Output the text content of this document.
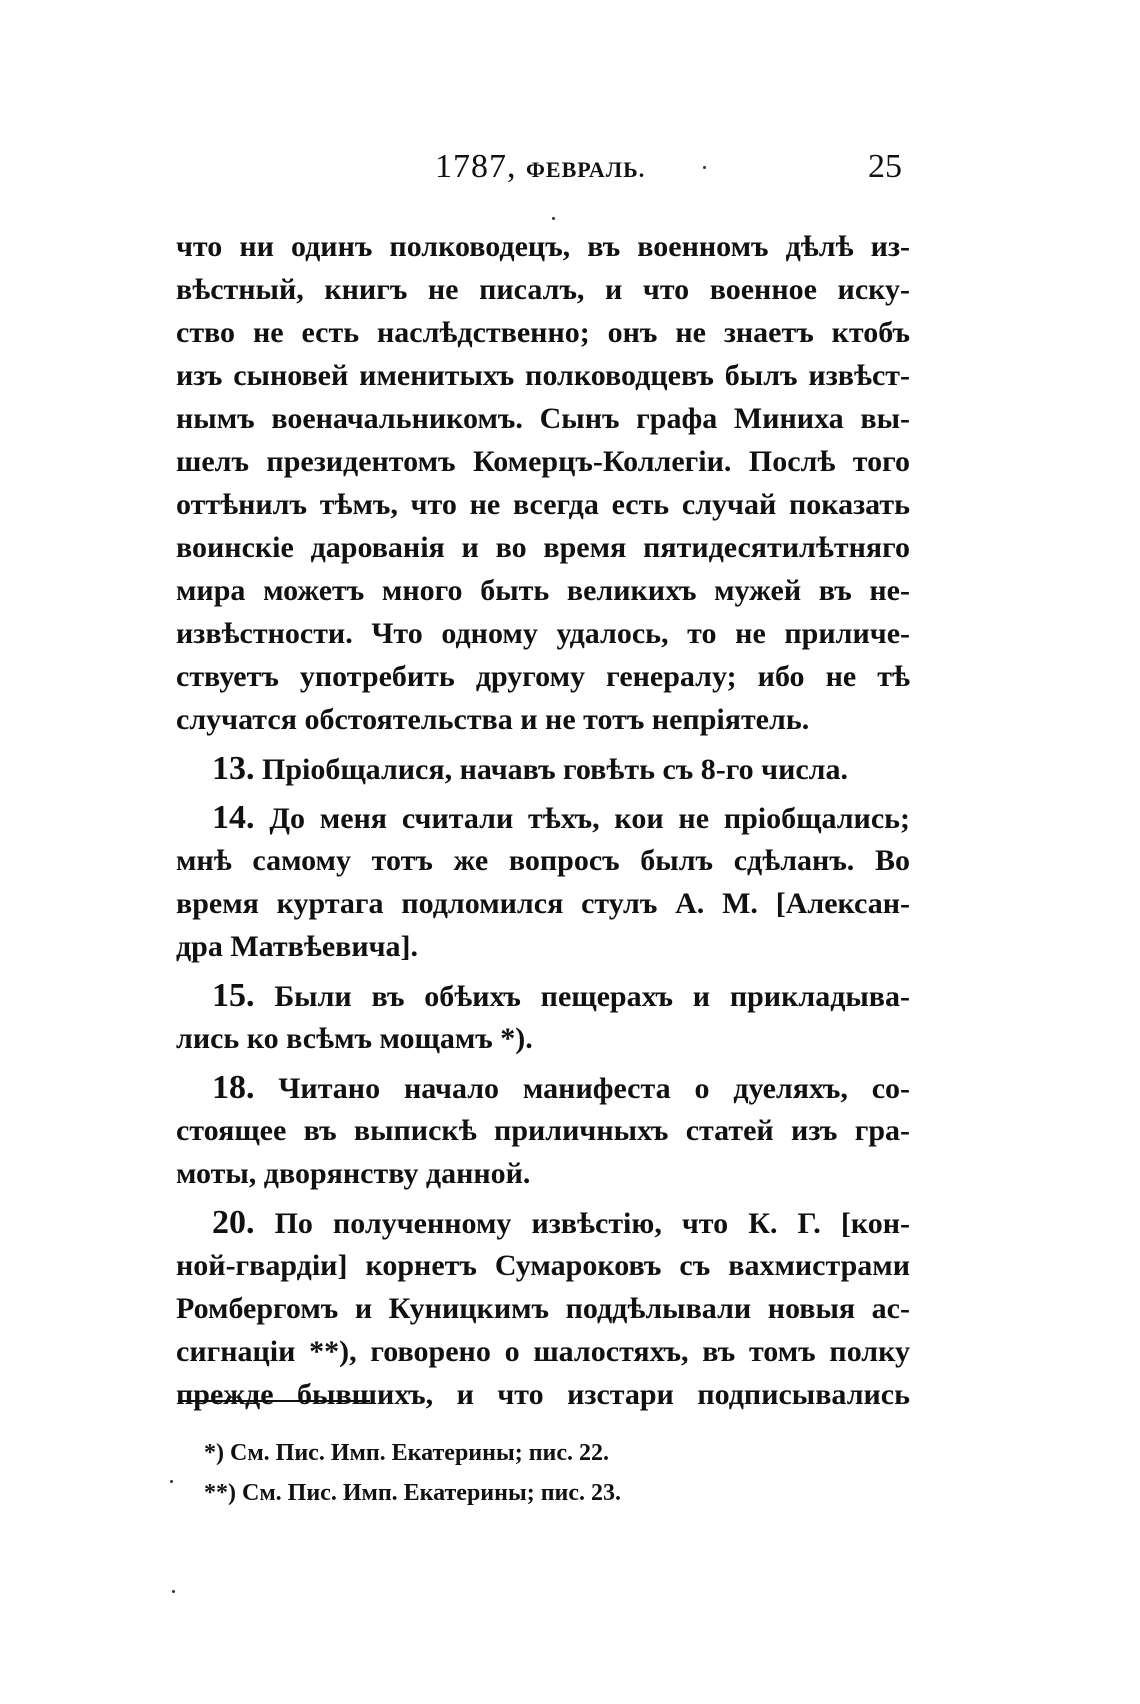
1787, ФЕВРАЛЬ.	25
что ни одинъ полководецъ, въ военномъ дѣлѣ из-
вѣстный, книгъ не писалъ, и что военное иску-
ство не есть наслѣдственно; онъ не знаетъ ктобъ
изъ сыновей именитыхъ полководцевъ былъ извѣст-
нымъ военачальникомъ. Сынъ графа Миниха вы-
шелъ президентомъ Комерцъ-Коллегіи. Послѣ того
оттѣнилъ тѣмъ, что не всегда есть случай показать
воинскіе дарованія и во время пятидесятилѣтняго
мира можетъ много быть великихъ мужей въ не-
извѣстности. Что одному удалось, то не приличе-
ствуетъ употребить другому генералу; ибо не тѣ
случатся обстоятельства и не тотъ непріятель.
13. Пріобщалися, начавъ говѣть съ 8-го числа.
14. До меня считали тѣхъ, кои не пріобщались;
мнѣ самому тотъ же вопросъ былъ сдѣланъ. Во
время куртага подломился стулъ А. М. [Алексан-
дра Матвѣевича].
15. Были въ обѣихъ пещерахъ и прикладыва-
лись ко всѣмъ мощамъ *).
18. Читано начало манифеста о дуеляхъ, со-
стоящее въ выпискѣ приличныхъ статей изъ гра-
моты, дворянству данной.
20. По полученному извѣстію, что К. Г. [кон-
ной-гвардіи] корнетъ Сумароковъ съ вахмистрами
Ромбергомъ и Куницкимъ поддѣлывали новыя ас-
сигнаціи **), говорено о шалостяхъ, въ томъ полку
прежде бывшихъ, и что изстари подписывались
*) См. Пис. Имп. Екатерины; пис. 22.
**) См. Пис. Имп. Екатерины; пис. 23.
